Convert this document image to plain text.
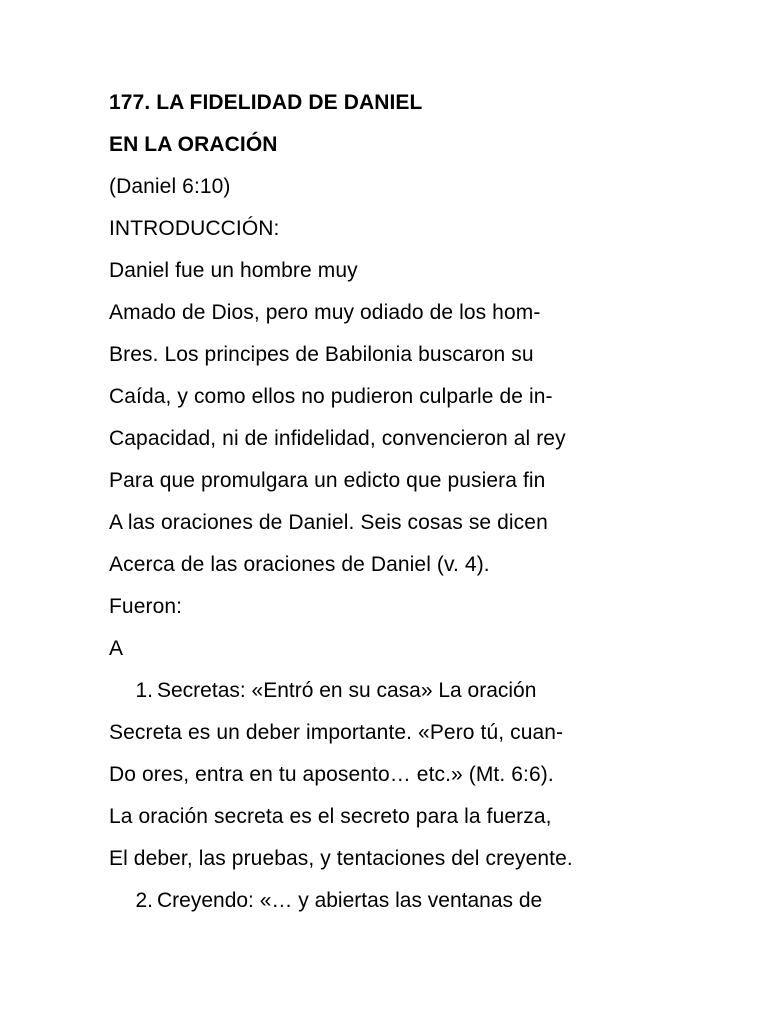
177. LA FIDELIDAD DE DANIEL
EN LA ORACIÓN
(Daniel 6:10)
INTRODUCCIÓN:
Daniel fue un hombre muy
Amado de Dios, pero muy odiado de los hom-
Bres. Los principes de Babilonia buscaron su
Caída, y como ellos no pudieron culparle de in-
Capacidad, ni de infidelidad, convencieron al rey
Para que promulgara un edicto que pusiera fin
A las oraciones de Daniel. Seis cosas se dicen
Acerca de las oraciones de Daniel (v. 4).
Fueron:
A
1. Secretas: «Entró en su casa» La oración
Secreta es un deber importante. «Pero tú, cuan-
Do ores, entra en tu aposento… etc.» (Mt. 6:6).
La oración secreta es el secreto para la fuerza,
El deber, las pruebas, y tentaciones del creyente.
2. Creyendo: «… y abiertas las ventanas de
